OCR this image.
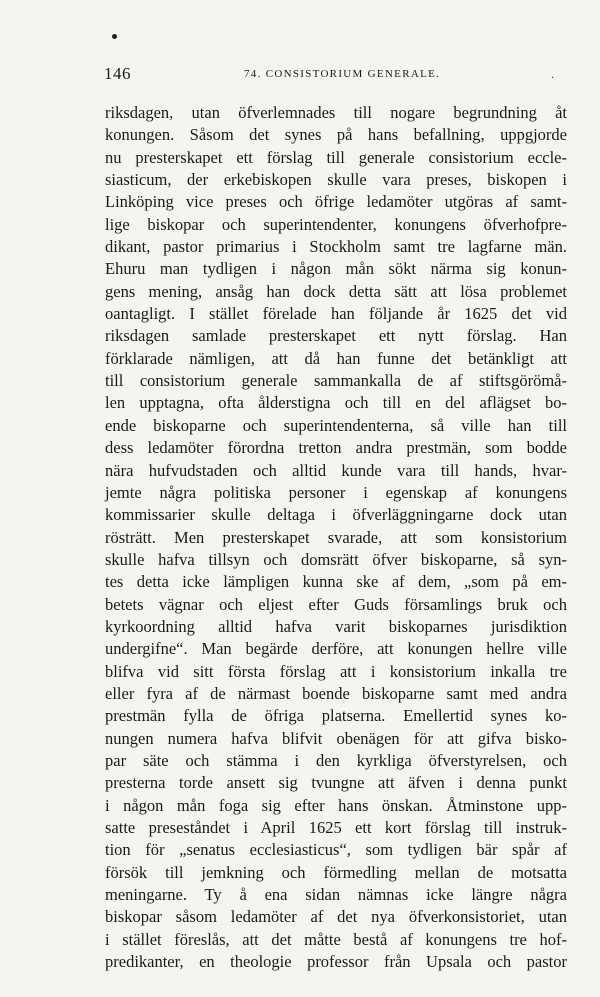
146	74. CONSISTORIUM GENERALE.	.
riksdagen, utan öfverlemnades till nogare begrundning åt
konungen. Såsom det synes på hans befallning, uppgjorde
nu presterskapet ett förslag till generale consistorium eccle-
siasticum, der erkebiskopen skulle vara preses, biskopen i
Linköping vice preses och öfrige ledamöter utgöras af samt-
lige biskopar och superintendenter, konungens öfverhofpre-
dikant, pastor primarius i Stockholm samt tre lagfarne män.
Ehuru man tydligen i någon mån sökt närma sig konun-
gens mening, ansåg han dock detta sätt att lösa problemet
oantagligt. I stället förelade han följande år 1625 det vid
riksdagen samlade presterskapet ett nytt förslag. Han
förklarade nämligen, att då han funne det betänkligt att
till consistorium generale sammankalla de af stiftsgörömå-
len upptagna, ofta ålderstigna och till en del aflägset bo-
ende biskoparne och superintendenterna, så ville han till
dess ledamöter förordna tretton andra prestmän, som bodde
nära hufvudstaden och alltid kunde vara till hands, hvar-
jemte några politiska personer i egenskap af konungens
kommissarier skulle deltaga i öfverläggningarne dock utan
rösträtt. Men presterskapet svarade, att som konsistorium
skulle hafva tillsyn och domsrätt öfver biskoparne, så syn-
tes detta icke lämpligen kunna ske af dem, „som på em-
betets vägnar och eljest efter Guds församlings bruk och
kyrkoordning alltid hafva varit biskoparnes jurisdiktion
undergifne“. Man begärde derföre, att konungen hellre ville
blifva vid sitt första förslag att i konsistorium inkalla tre
eller fyra af de närmast boende biskoparne samt med andra
prestmän fylla de öfriga platserna. Emellertid synes ko-
nungen numera hafva blifvit obenägen för att gifva bisko-
par säte och stämma i den kyrkliga öfverstyrelsen, och
presterna torde ansett sig tvungne att äfven i denna punkt
i någon mån foga sig efter hans önskan. Åtminstone upp-
satte preseståndet i April 1625 ett kort förslag till instruk-
tion för „senatus ecclesiasticus“, som tydligen bär spår af
försök till jemkning och förmedling mellan de motsatta
meningarne. Ty å ena sidan nämnas icke längre några
biskopar såsom ledamöter af det nya öfverkonsistoriet, utan
i stället föreslås, att det måtte bestå af konungens tre hof-
predikanter, en theologie professor från Upsala och pastor
